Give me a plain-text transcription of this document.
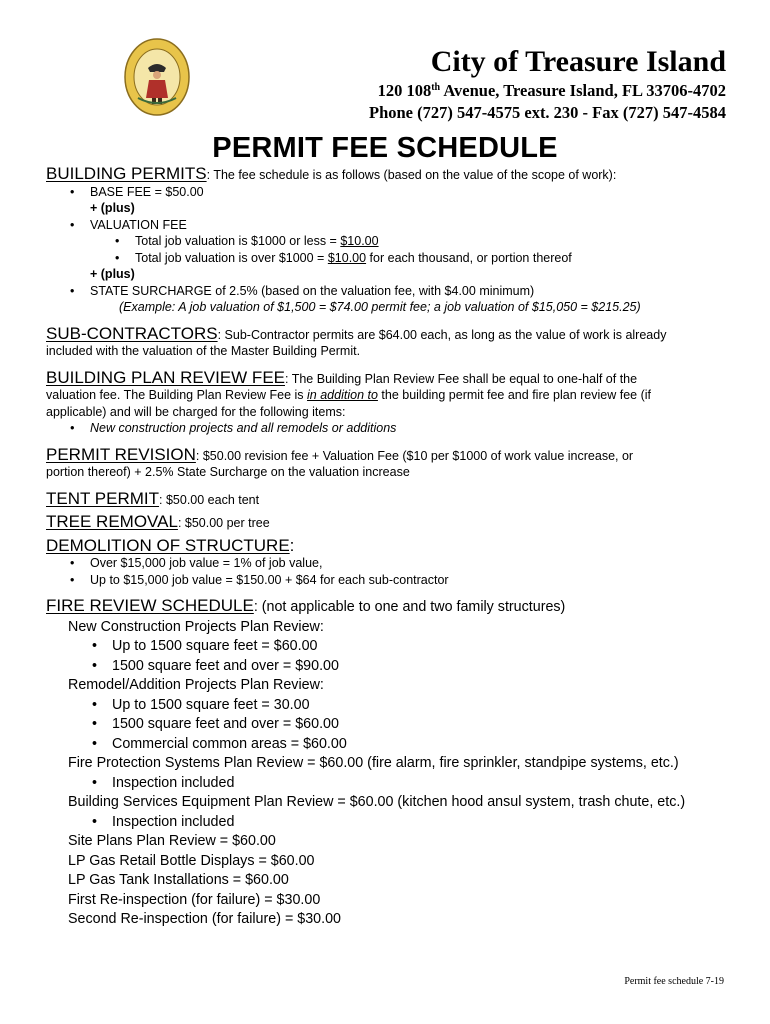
City of Treasure Island
120 108th Avenue, Treasure Island, FL 33706-4702
Phone (727) 547-4575 ext. 230 - Fax (727) 547-4584
PERMIT FEE SCHEDULE
BUILDING PERMITS: The fee schedule is as follows (based on the value of the scope of work):
• BASE FEE = $50.00
+ (plus)
• VALUATION FEE
• Total job valuation is $1000 or less = $10.00
• Total job valuation is over $1000 = $10.00 for each thousand, or portion thereof
+ (plus)
• STATE SURCHARGE of 2.5% (based on the valuation fee, with $4.00 minimum)
(Example: A job valuation of $1,500 = $74.00 permit fee; a job valuation of $15,050 = $215.25)
SUB-CONTRACTORS: Sub-Contractor permits are $64.00 each, as long as the value of work is already
included with the valuation of the Master Building Permit.
BUILDING PLAN REVIEW FEE: The Building Plan Review Fee shall be equal to one-half of the
valuation fee. The Building Plan Review Fee is in addition to the building permit fee and fire plan review fee (if
applicable) and will be charged for the following items:
• New construction projects and all remodels or additions
PERMIT REVISION: $50.00 revision fee + Valuation Fee ($10 per $1000 of work value increase, or
portion thereof) + 2.5% State Surcharge on the valuation increase
TENT PERMIT: $50.00 each tent
TREE REMOVAL: $50.00 per tree
DEMOLITION OF STRUCTURE:
• Over $15,000 job value = 1% of job value,
• Up to $15,000 job value = $150.00 + $64 for each sub-contractor
FIRE REVIEW SCHEDULE: (not applicable to one and two family structures)
New Construction Projects Plan Review:
• Up to 1500 square feet = $60.00
• 1500 square feet and over = $90.00
Remodel/Addition Projects Plan Review:
• Up to 1500 square feet = 30.00
• 1500 square feet and over = $60.00
• Commercial common areas = $60.00
Fire Protection Systems Plan Review = $60.00 (fire alarm, fire sprinkler, standpipe systems, etc.)
• Inspection included
Building Services Equipment Plan Review = $60.00 (kitchen hood ansul system, trash chute, etc.)
• Inspection included
Site Plans Plan Review = $60.00
LP Gas Retail Bottle Displays = $60.00
LP Gas Tank Installations = $60.00
First Re-inspection (for failure) = $30.00
Second Re-inspection (for failure) = $30.00
Permit fee schedule 7-19
